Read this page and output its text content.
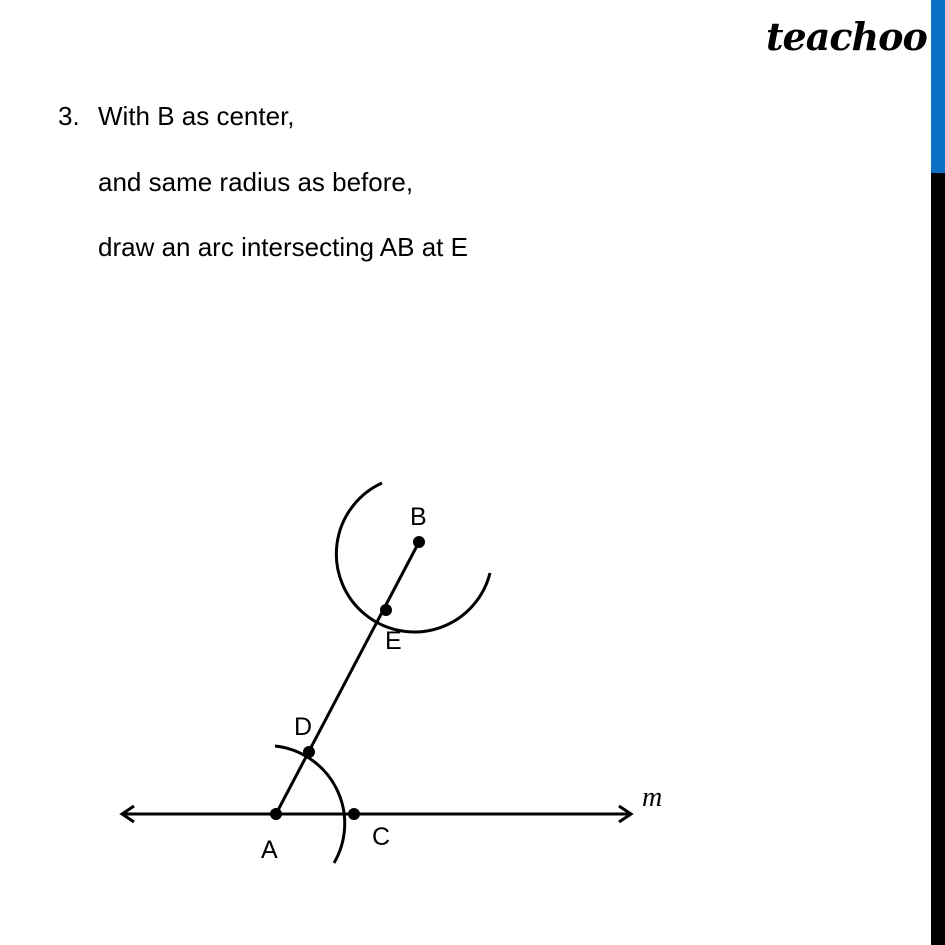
teachoo
3. With B as center,
and same radius as before,
draw an arc intersecting AB at E
A	C
D
E
B
m
